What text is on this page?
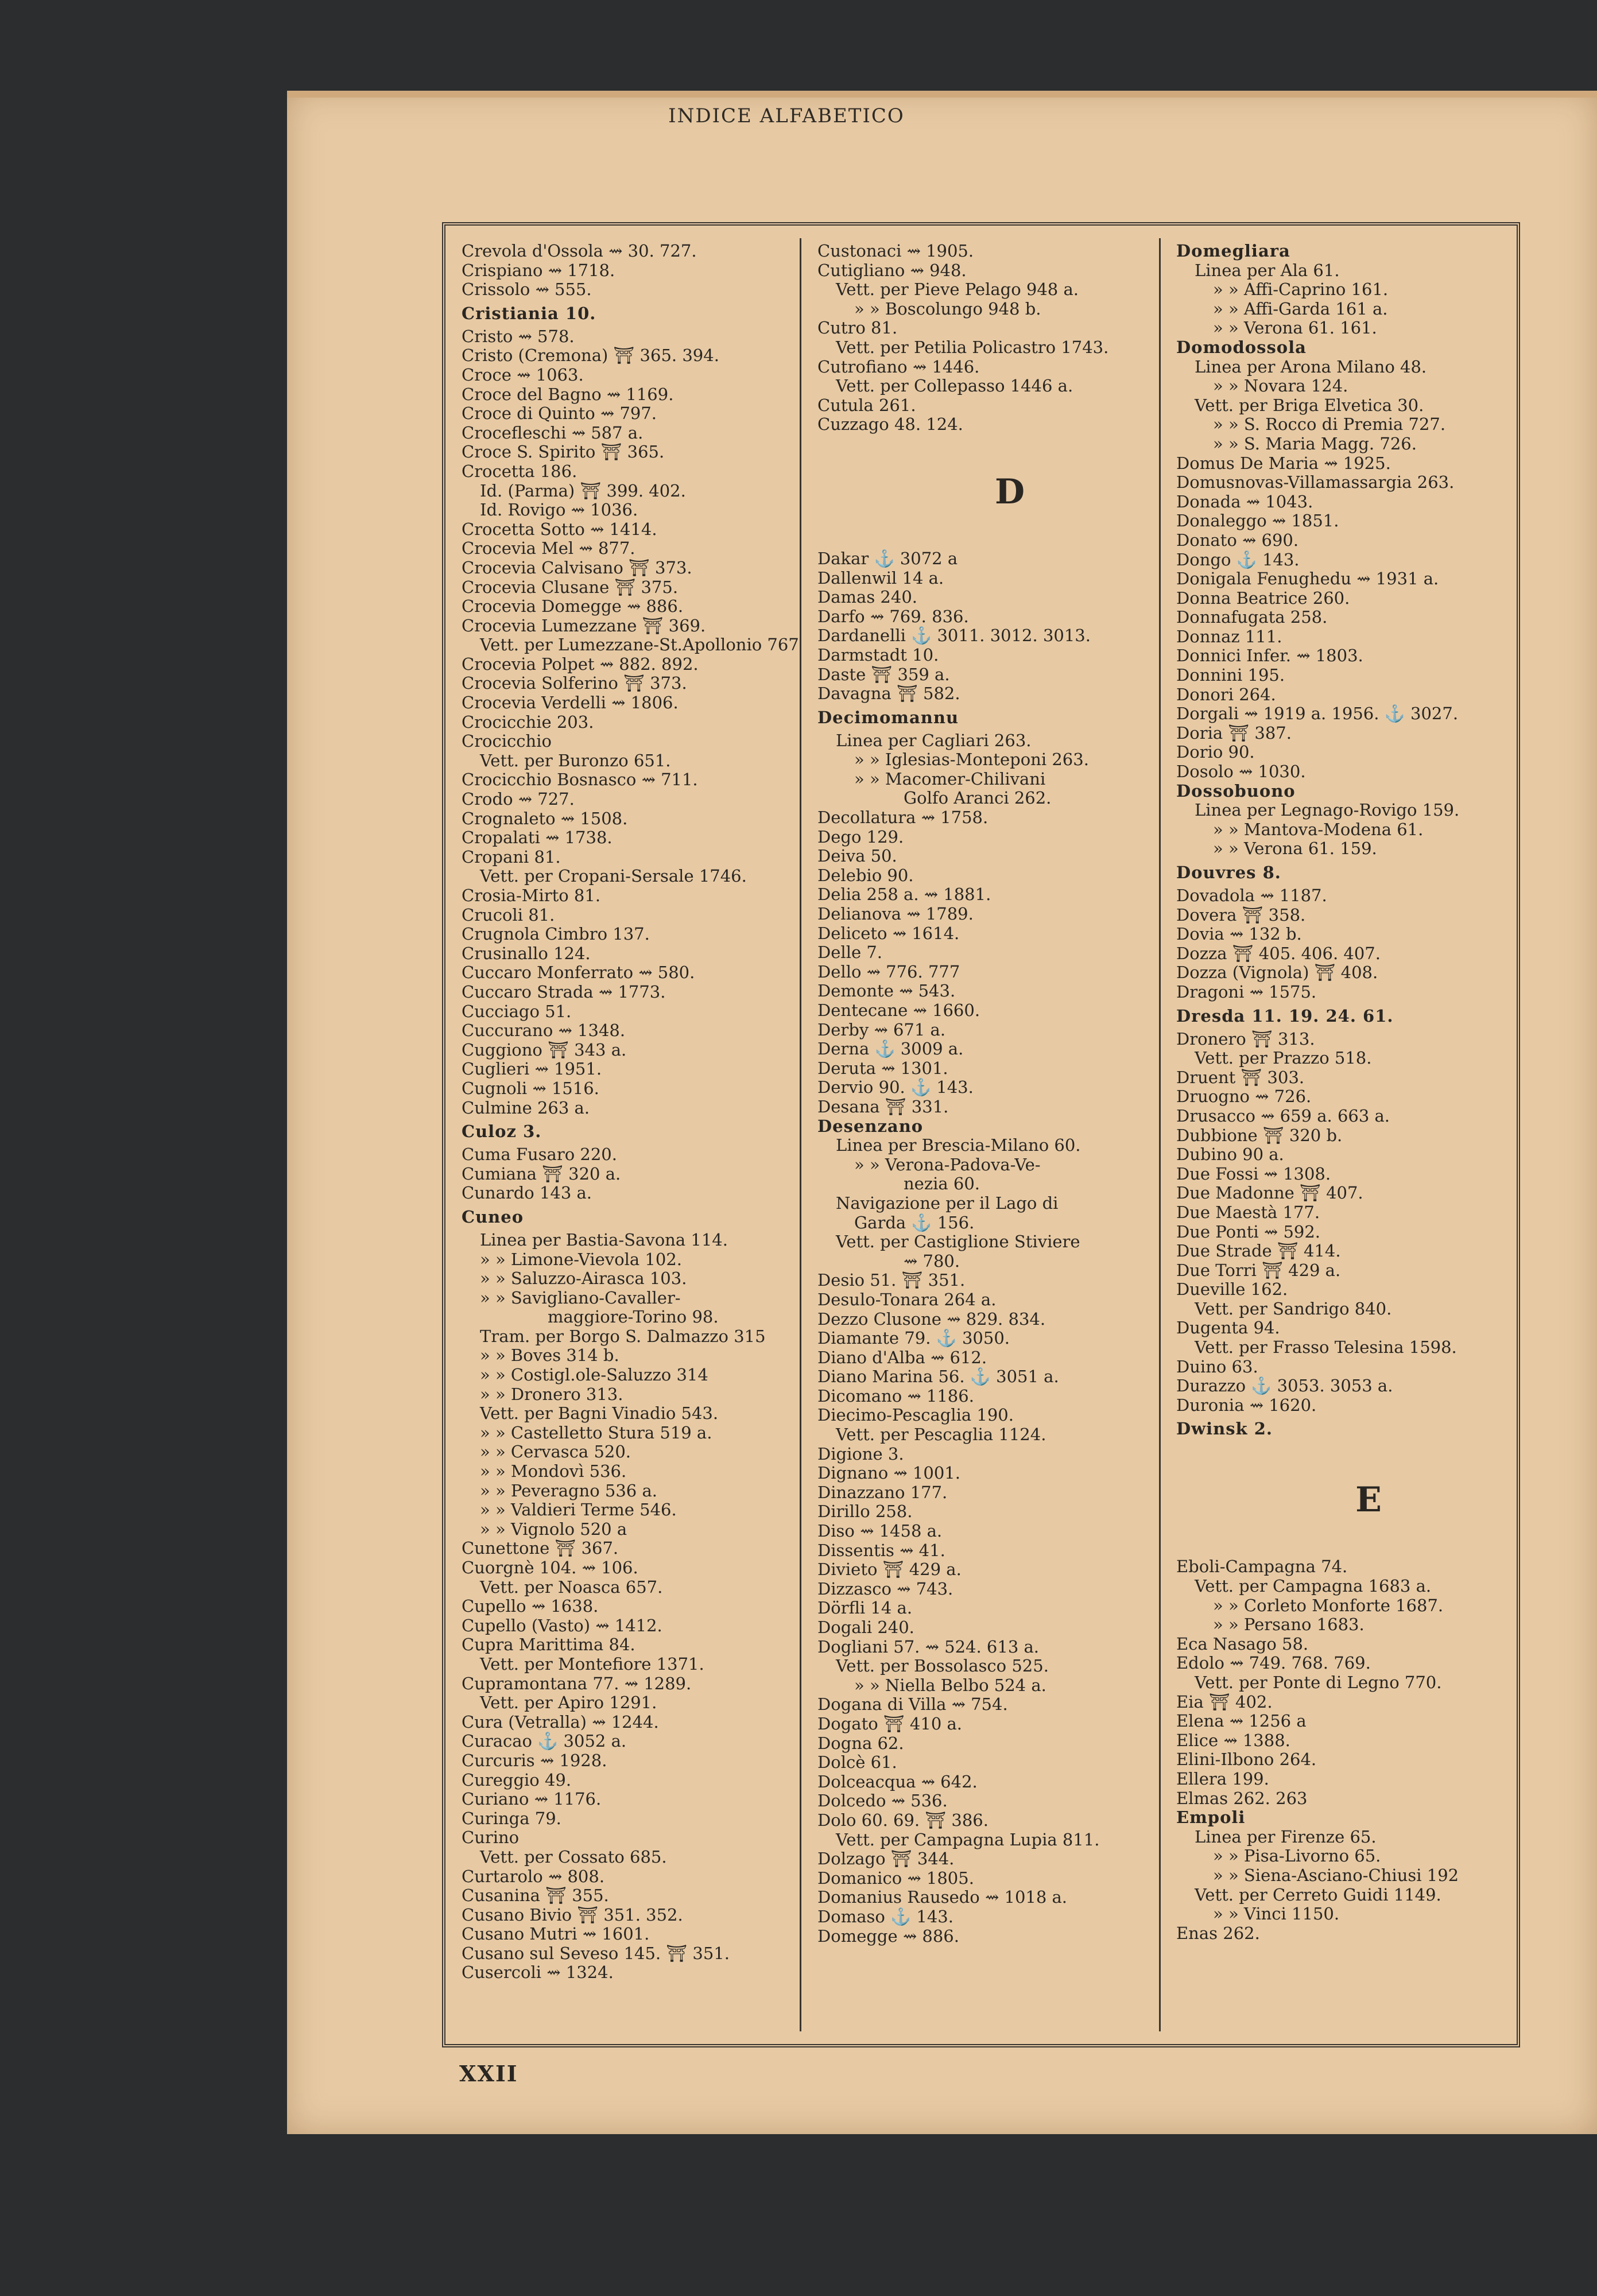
INDICE ALFABETICO
Crevola d'Ossola ⇝ 30. 727.
Crispiano ⇝ 1718.
Crissolo ⇝ 555.
Cristiania 10.
Cristo ⇝ 578.
Cristo (Cremona) ⛩ 365. 394.
Croce ⇝ 1063.
Croce del Bagno ⇝ 1169.
Croce di Quinto ⇝ 797.
Crocefleschi ⇝ 587 a.
Croce S. Spirito ⛩ 365.
Crocetta 186.
Id. (Parma) ⛩ 399. 402.
Id. Rovigo ⇝ 1036.
Crocetta Sotto ⇝ 1414.
Crocevia Mel ⇝ 877.
Crocevia Calvisano ⛩ 373.
Crocevia Clusane ⛩ 375.
Crocevia Domegge ⇝ 886.
Crocevia Lumezzane ⛩ 369.
Vett. per Lumezzane-St.Apollonio 767
Crocevia Polpet ⇝ 882. 892.
Crocevia Solferino ⛩ 373.
Crocevia Verdelli ⇝ 1806.
Crocicchie 203.
Crocicchio
Vett. per Buronzo 651.
Crocicchio Bosnasco ⇝ 711.
Crodo ⇝ 727.
Crognaleto ⇝ 1508.
Cropalati ⇝ 1738.
Cropani 81.
Vett. per Cropani-Sersale 1746.
Crosia-Mirto 81.
Crucoli 81.
Crugnola Cimbro 137.
Crusinallo 124.
Cuccaro Monferrato ⇝ 580.
Cuccaro Strada ⇝ 1773.
Cucciago 51.
Cuccurano ⇝ 1348.
Cuggiono ⛩ 343 a.
Cuglieri ⇝ 1951.
Cugnoli ⇝ 1516.
Culmine 263 a.
Culoz 3.
Cuma Fusaro 220.
Cumiana ⛩ 320 a.
Cunardo 143 a.
Cuneo
Linea per Bastia-Savona 114.
» » Limone-Vievola 102.
» » Saluzzo-Airasca 103.
» » Savigliano-Cavaller-
maggiore-Torino 98.
Tram. per Borgo S. Dalmazzo 315
» » Boves 314 b.
» » Costigl.ole-Saluzzo 314
» » Dronero 313.
Vett. per Bagni Vinadio 543.
» » Castelletto Stura 519 a.
» » Cervasca 520.
» » Mondovì 536.
» » Peveragno 536 a.
» » Valdieri Terme 546.
» » Vignolo 520 a
Cunettone ⛩ 367.
Cuorgnè 104. ⇝ 106.
Vett. per Noasca 657.
Cupello ⇝ 1638.
Cupello (Vasto) ⇝ 1412.
Cupra Marittima 84.
Vett. per Montefiore 1371.
Cupramontana 77. ⇝ 1289.
Vett. per Apiro 1291.
Cura (Vetralla) ⇝ 1244.
Curacao ⚓ 3052 a.
Curcuris ⇝ 1928.
Cureggio 49.
Curiano ⇝ 1176.
Curinga 79.
Curino
Vett. per Cossato 685.
Curtarolo ⇝ 808.
Cusanina ⛩ 355.
Cusano Bivio ⛩ 351. 352.
Cusano Mutri ⇝ 1601.
Cusano sul Seveso 145. ⛩ 351.
Cusercoli ⇝ 1324.
Custonaci ⇝ 1905.
Cutigliano ⇝ 948.
Vett. per Pieve Pelago 948 a.
» » Boscolungo 948 b.
Cutro 81.
Vett. per Petilia Policastro 1743.
Cutrofiano ⇝ 1446.
Vett. per Collepasso 1446 a.
Cutula 261.
Cuzzago 48. 124.
D
Dakar ⚓ 3072 a
Dallenwil 14 a.
Damas 240.
Darfo ⇝ 769. 836.
Dardanelli ⚓ 3011. 3012. 3013.
Darmstadt 10.
Daste ⛩ 359 a.
Davagna ⛩ 582.
Decimomannu
Linea per Cagliari 263.
» » Iglesias-Monteponi 263.
» » Macomer-Chilivani
Golfo Aranci 262.
Decollatura ⇝ 1758.
Dego 129.
Deiva 50.
Delebio 90.
Delia 258 a. ⇝ 1881.
Delianova ⇝ 1789.
Deliceto ⇝ 1614.
Delle 7.
Dello ⇝ 776. 777
Demonte ⇝ 543.
Dentecane ⇝ 1660.
Derby ⇝ 671 a.
Derna ⚓ 3009 a.
Deruta ⇝ 1301.
Dervio 90. ⚓ 143.
Desana ⛩ 331.
Desenzano
Linea per Brescia-Milano 60.
» » Verona-Padova-Ve-
nezia 60.
Navigazione per il Lago di
Garda ⚓ 156.
Vett. per Castiglione Stiviere
⇝ 780.
Desio 51. ⛩ 351.
Desulo-Tonara 264 a.
Dezzo Clusone ⇝ 829. 834.
Diamante 79. ⚓ 3050.
Diano d'Alba ⇝ 612.
Diano Marina 56. ⚓ 3051 a.
Dicomano ⇝ 1186.
Diecimo-Pescaglia 190.
Vett. per Pescaglia 1124.
Digione 3.
Dignano ⇝ 1001.
Dinazzano 177.
Dirillo 258.
Diso ⇝ 1458 a.
Dissentis ⇝ 41.
Divieto ⛩ 429 a.
Dizzasco ⇝ 743.
Dörfli 14 a.
Dogali 240.
Dogliani 57. ⇝ 524. 613 a.
Vett. per Bossolasco 525.
» » Niella Belbo 524 a.
Dogana di Villa ⇝ 754.
Dogato ⛩ 410 a.
Dogna 62.
Dolcè 61.
Dolceacqua ⇝ 642.
Dolcedo ⇝ 536.
Dolo 60. 69. ⛩ 386.
Vett. per Campagna Lupia 811.
Dolzago ⛩ 344.
Domanico ⇝ 1805.
Domanius Rausedo ⇝ 1018 a.
Domaso ⚓ 143.
Domegge ⇝ 886.
Domegliara
Linea per Ala 61.
» » Affi-Caprino 161.
» » Affi-Garda 161 a.
» » Verona 61. 161.
Domodossola
Linea per Arona Milano 48.
» » Novara 124.
Vett. per Briga Elvetica 30.
» » S. Rocco di Premia 727.
» » S. Maria Magg. 726.
Domus De Maria ⇝ 1925.
Domusnovas-Villamassargia 263.
Donada ⇝ 1043.
Donaleggo ⇝ 1851.
Donato ⇝ 690.
Dongo ⚓ 143.
Donigala Fenughedu ⇝ 1931 a.
Donna Beatrice 260.
Donnafugata 258.
Donnaz 111.
Donnici Infer. ⇝ 1803.
Donnini 195.
Donori 264.
Dorgali ⇝ 1919 a. 1956. ⚓ 3027.
Doria ⛩ 387.
Dorio 90.
Dosolo ⇝ 1030.
Dossobuono
Linea per Legnago-Rovigo 159.
» » Mantova-Modena 61.
» » Verona 61. 159.
Douvres 8.
Dovadola ⇝ 1187.
Dovera ⛩ 358.
Dovia ⇝ 132 b.
Dozza ⛩ 405. 406. 407.
Dozza (Vignola) ⛩ 408.
Dragoni ⇝ 1575.
Dresda 11. 19. 24. 61.
Dronero ⛩ 313.
Vett. per Prazzo 518.
Druent ⛩ 303.
Druogno ⇝ 726.
Drusacco ⇝ 659 a. 663 a.
Dubbione ⛩ 320 b.
Dubino 90 a.
Due Fossi ⇝ 1308.
Due Madonne ⛩ 407.
Due Maestà 177.
Due Ponti ⇝ 592.
Due Strade ⛩ 414.
Due Torri ⛩ 429 a.
Dueville 162.
Vett. per Sandrigo 840.
Dugenta 94.
Vett. per Frasso Telesina 1598.
Duino 63.
Durazzo ⚓ 3053. 3053 a.
Duronia ⇝ 1620.
Dwinsk 2.
E
Eboli-Campagna 74.
Vett. per Campagna 1683 a.
» » Corleto Monforte 1687.
» » Persano 1683.
Eca Nasago 58.
Edolo ⇝ 749. 768. 769.
Vett. per Ponte di Legno 770.
Eia ⛩ 402.
Elena ⇝ 1256 a
Elice ⇝ 1388.
Elini-Ilbono 264.
Ellera 199.
Elmas 262. 263
Empoli
Linea per Firenze 65.
» » Pisa-Livorno 65.
» » Siena-Asciano-Chiusi 192
Vett. per Cerreto Guidi 1149.
» » Vinci 1150.
Enas 262.
XXII
